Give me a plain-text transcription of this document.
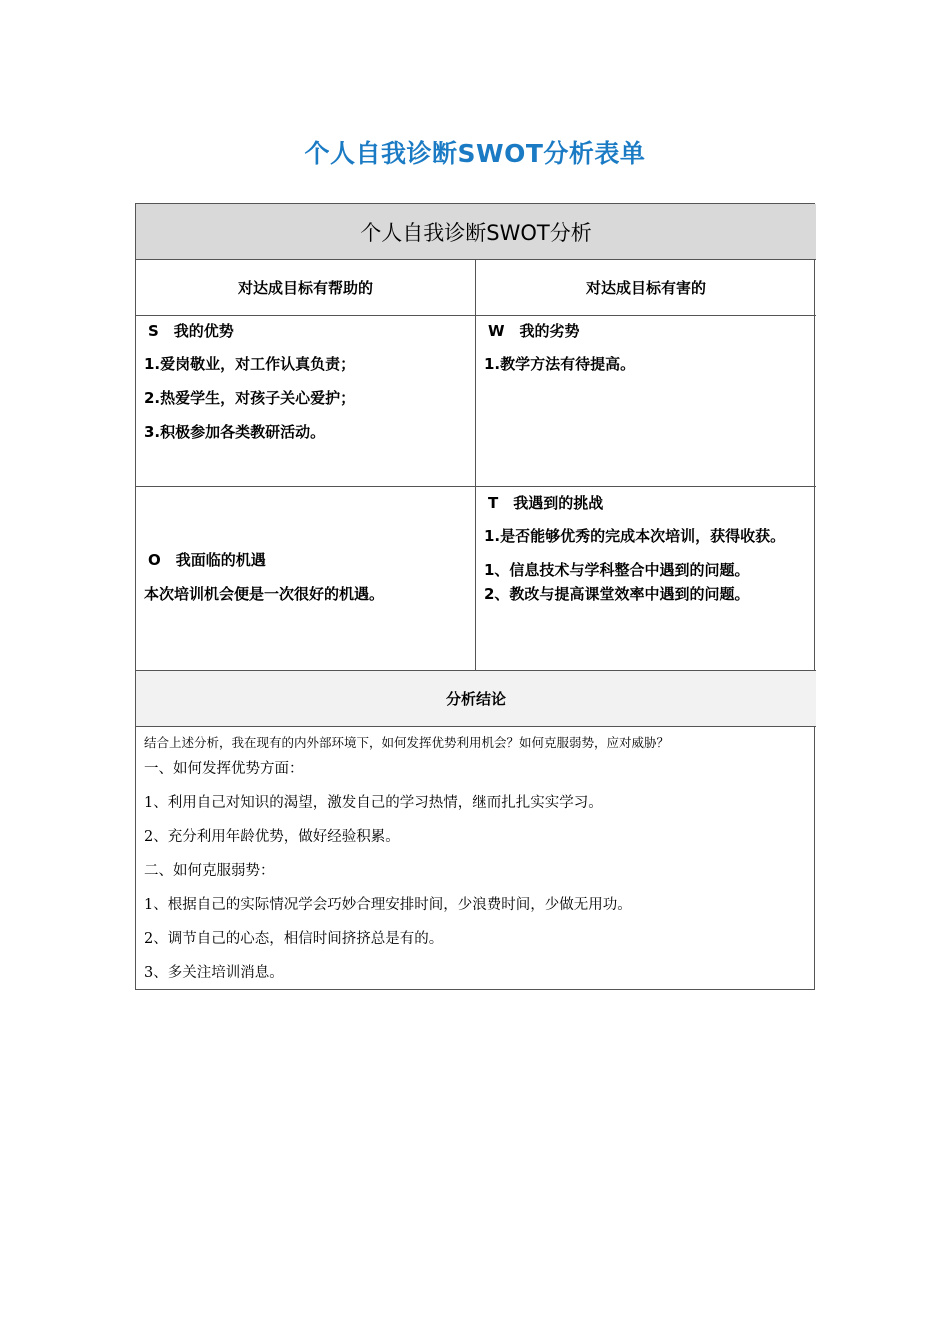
个人自我诊断SWOT分析表单
个人自我诊断SWOT分析
对达成目标有帮助的	对达成目标有害的
S　我的优势
1.爱岗敬业，对工作认真负责；
2.热爱学生，对孩子关心爱护；
3.积极参加各类教研活动。
W　我的劣势
1.教学方法有待提高。
O　我面临的机遇
本次培训机会便是一次很好的机遇。
T　我遇到的挑战
1.是否能够优秀的完成本次培训，获得收获。
1、信息技术与学科整合中遇到的问题。
2、教改与提高课堂效率中遇到的问题。
分析结论
结合上述分析，我在现有的内外部环境下，如何发挥优势利用机会？如何克服弱势，应对威胁？
一、如何发挥优势方面：
1、利用自己对知识的渴望，激发自己的学习热情，继而扎扎实实学习。
2、充分利用年龄优势，做好经验积累。
二、如何克服弱势：
1、根据自己的实际情况学会巧妙合理安排时间，少浪费时间，少做无用功。
2、调节自己的心态，相信时间挤挤总是有的。
3、多关注培训消息。
